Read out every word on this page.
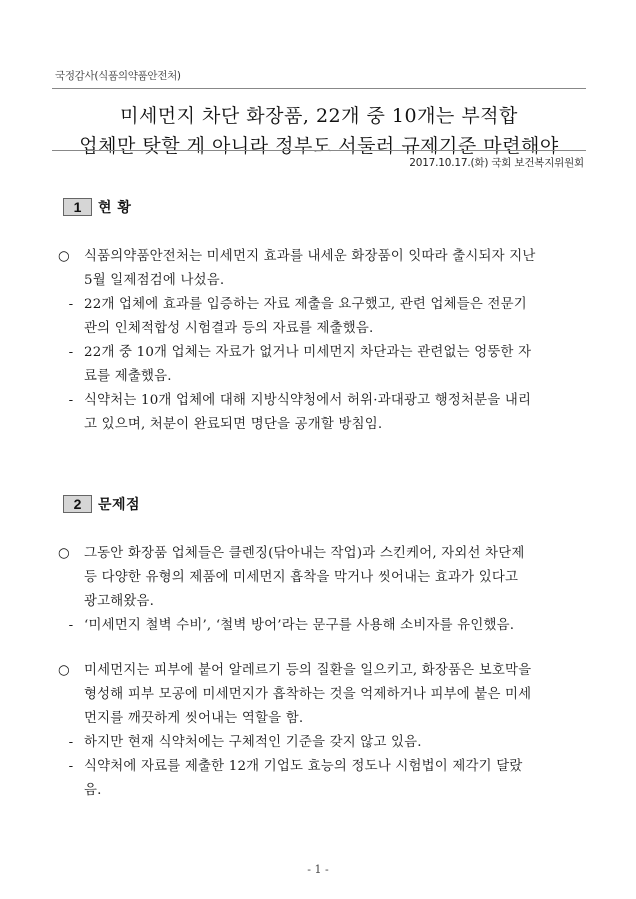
국정감사(식품의약품안전처)
미세먼지 차단 화장품, 22개 중 10개는 부적합
업체만 탓할 게 아니라 정부도 서둘러 규제기준 마련해야
2017.10.17.(화) 국회 보건복지위원회
1	현 황
○ 식품의약품안전처는 미세먼지 효과를 내세운 화장품이 잇따라 출시되자 지난
5월 일제점검에 나섰음.
- 22개 업체에 효과를 입증하는 자료 제출을 요구했고, 관련 업체들은 전문기
관의 인체적합성 시험결과 등의 자료를 제출했음.
- 22개 중 10개 업체는 자료가 없거나 미세먼지 차단과는 관련없는 엉뚱한 자
료를 제출했음.
- 식약처는 10개 업체에 대해 지방식약청에서 허위·과대광고 행정처분을 내리
고 있으며, 처분이 완료되면 명단을 공개할 방침임.
2	문제점
○ 그동안 화장품 업체들은 클렌징(닦아내는 작업)과 스킨케어, 자외선 차단제
등 다양한 유형의 제품에 미세먼지 흡착을 막거나 씻어내는 효과가 있다고
광고해왔음.
- ‘미세먼지 철벽 수비’, ‘철벽 방어’라는 문구를 사용해 소비자를 유인했음.
○ 미세먼지는 피부에 붙어 알레르기 등의 질환을 일으키고, 화장품은 보호막을
형성해 피부 모공에 미세먼지가 흡착하는 것을 억제하거나 피부에 붙은 미세
먼지를 깨끗하게 씻어내는 역할을 함.
- 하지만 현재 식약처에는 구체적인 기준을 갖지 않고 있음.
- 식약처에 자료를 제출한 12개 기업도 효능의 정도나 시험법이 제각기 달랐
음.
- 1 -
